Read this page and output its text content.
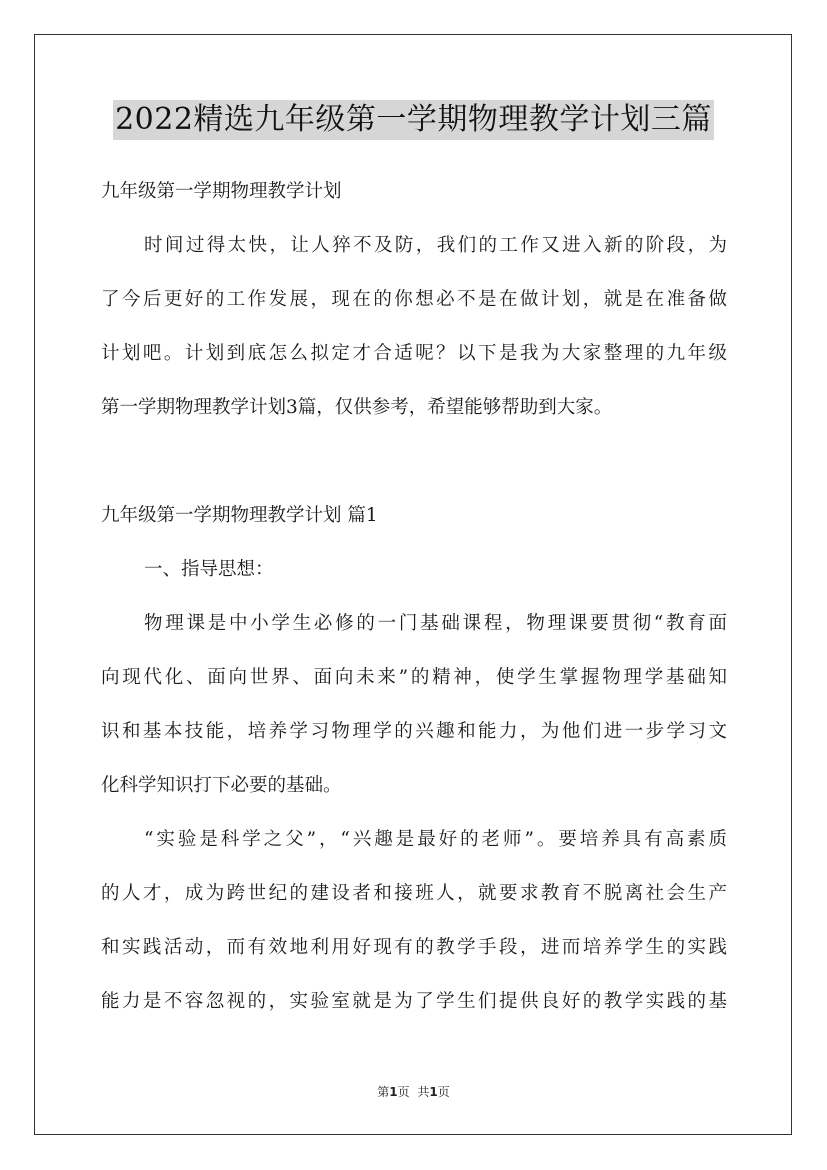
2022精选九年级第一学期物理教学计划三篇
九年级第一学期物理教学计划
时间过得太快，让人猝不及防，我们的工作又进入新的阶段，为
了今后更好的工作发展，现在的你想必不是在做计划，就是在准备做
计划吧。计划到底怎么拟定才合适呢？以下是我为大家整理的九年级
第一学期物理教学计划3篇，仅供参考，希望能够帮助到大家。
九年级第一学期物理教学计划 篇1
一、指导思想：
物理课是中小学生必修的一门基础课程，物理课要贯彻“教育面
向现代化、面向世界、面向未来”的精神，使学生掌握物理学基础知
识和基本技能，培养学习物理学的兴趣和能力，为他们进一步学习文
化科学知识打下必要的基础。
“实验是科学之父”，“兴趣是最好的老师”。要培养具有高素质
的人才，成为跨世纪的建设者和接班人，就要求教育不脱离社会生产
和实践活动，而有效地利用好现有的教学手段，进而培养学生的实践
能力是不容忽视的，实验室就是为了学生们提供良好的教学实践的基
第1页 共1页
